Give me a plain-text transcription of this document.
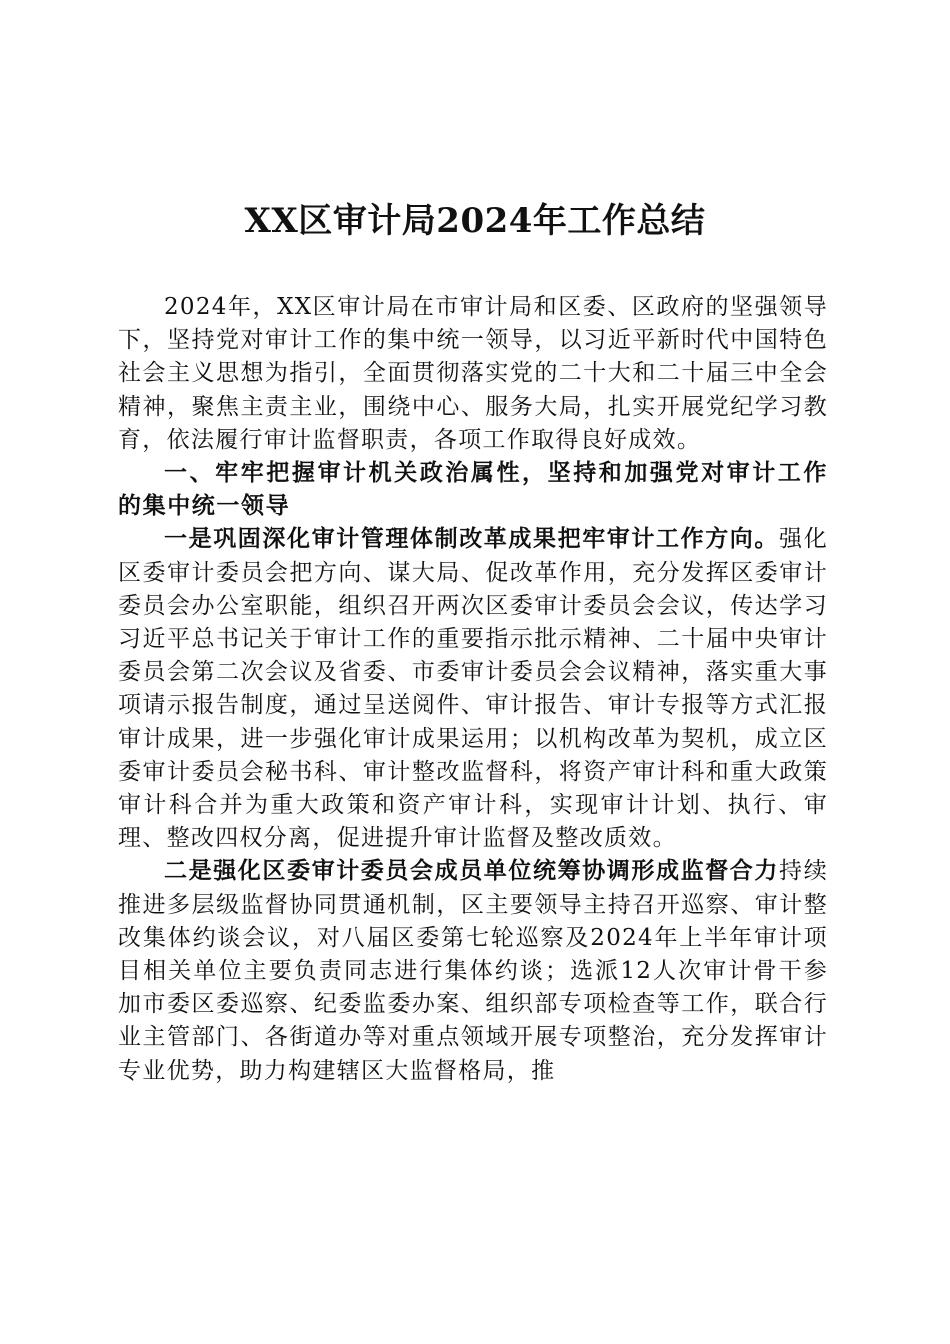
XX区审计局2024年工作总结

2024年，XX区审计局在市审计局和区委、区政府的坚强领导下，坚持党对审计工作的集中统一领导，以习近平新时代中国特色社会主义思想为指引，全面贯彻落实党的二十大和二十届三中全会精神，聚焦主责主业，围绕中心、服务大局，扎实开展党纪学习教育，依法履行审计监督职责，各项工作取得良好成效。

一、牢牢把握审计机关政治属性，坚持和加强党对审计工作的集中统一领导

一是巩固深化审计管理体制改革成果把牢审计工作方向。强化区委审计委员会把方向、谋大局、促改革作用，充分发挥区委审计委员会办公室职能，组织召开两次区委审计委员会会议，传达学习习近平总书记关于审计工作的重要指示批示精神、二十届中央审计委员会第二次会议及省委、市委审计委员会会议精神，落实重大事项请示报告制度，通过呈送阅件、审计报告、审计专报等方式汇报审计成果，进一步强化审计成果运用；以机构改革为契机，成立区委审计委员会秘书科、审计整改监督科，将资产审计科和重大政策审计科合并为重大政策和资产审计科，实现审计计划、执行、审理、整改四权分离，促进提升审计监督及整改质效。

二是强化区委审计委员会成员单位统筹协调形成监督合力持续推进多层级监督协同贯通机制，区主要领导主持召开巡察、审计整改集体约谈会议，对八届区委第七轮巡察及2024年上半年审计项目相关单位主要负责同志进行集体约谈；选派12人次审计骨干参加市委区委巡察、纪委监委办案、组织部专项检查等工作，联合行业主管部门、各街道办等对重点领域开展专项整治，充分发挥审计专业优势，助力构建辖区大监督格局，推
